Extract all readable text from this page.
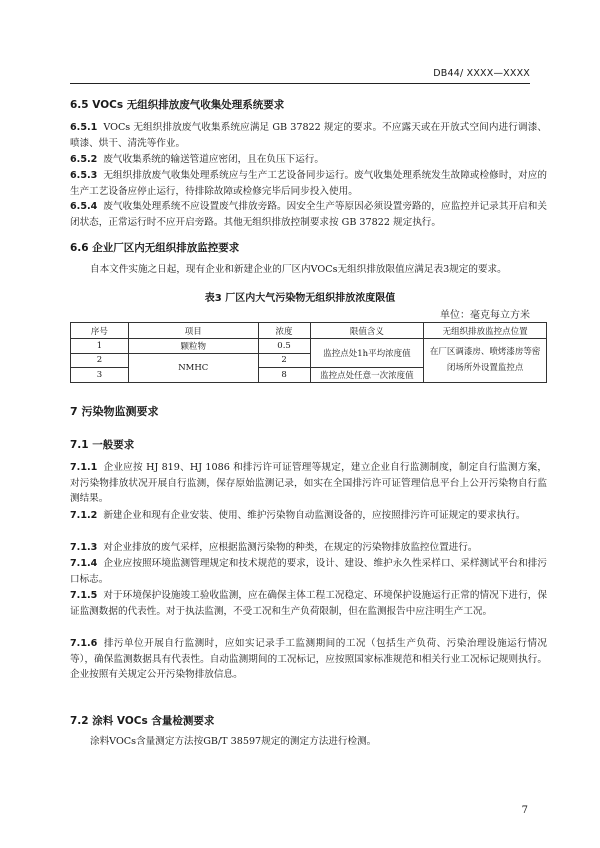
DB44/ XXXX—XXXX
6.5 VOCs 无组织排放废气收集处理系统要求
6.5.1 VOCs 无组织排放废气收集系统应满足 GB 37822 规定的要求。不应露天或在开放式空间内进行调漆、喷漆、烘干、清洗等作业。
6.5.2 废气收集系统的输送管道应密闭，且在负压下运行。
6.5.3 无组织排放废气收集处理系统应与生产工艺设备同步运行。废气收集处理系统发生故障或检修时，对应的生产工艺设备应停止运行，待排除故障或检修完毕后同步投入使用。
6.5.4 废气收集处理系统不应设置废气排放旁路。因安全生产等原因必须设置旁路的，应监控并记录其开启和关闭状态，正常运行时不应开启旁路。其他无组织排放控制要求按 GB 37822 规定执行。
6.6 企业厂区内无组织排放监控要求
自本文件实施之日起，现有企业和新建企业的厂区内VOCs无组织排放限值应满足表3规定的要求。
表3 厂区内大气污染物无组织排放浓度限值
单位：毫克每立方米
序号	项目	浓度	限值含义	无组织排放监控点位置
1	颗粒物	0.5	监控点处1h平均浓度值	在厂区调漆房、喷烤漆房等密闭场所外设置监控点
2	NMHC	2		
3		8	监控点处任意一次浓度值	
7 污染物监测要求
7.1 一般要求
7.1.1 企业应按 HJ 819、HJ 1086 和排污许可证管理等规定，建立企业自行监测制度，制定自行监测方案，对污染物排放状况开展自行监测，保存原始监测记录，如实在全国排污许可证管理信息平台上公开污染物自行监测结果。
7.1.2 新建企业和现有企业安装、使用、维护污染物自动监测设备的，应按照排污许可证规定的要求执行。
7.1.3 对企业排放的废气采样，应根据监测污染物的种类，在规定的污染物排放监控位置进行。
7.1.4 企业应按照环境监测管理规定和技术规范的要求，设计、建设、维护永久性采样口、采样测试平台和排污口标志。
7.1.5 对于环境保护设施竣工验收监测，应在确保主体工程工况稳定、环境保护设施运行正常的情况下进行，保证监测数据的代表性。对于执法监测，不受工况和生产负荷限制，但在监测报告中应注明生产工况。
7.1.6 排污单位开展自行监测时，应如实记录手工监测期间的工况（包括生产负荷、污染治理设施运行情况等），确保监测数据具有代表性。自动监测期间的工况标记，应按照国家标准规范和相关行业工况标记规则执行。企业按照有关规定公开污染物排放信息。
7.2 涂料 VOCs 含量检测要求
涂料VOCs含量测定方法按GB/T 38597规定的测定方法进行检测。
7
